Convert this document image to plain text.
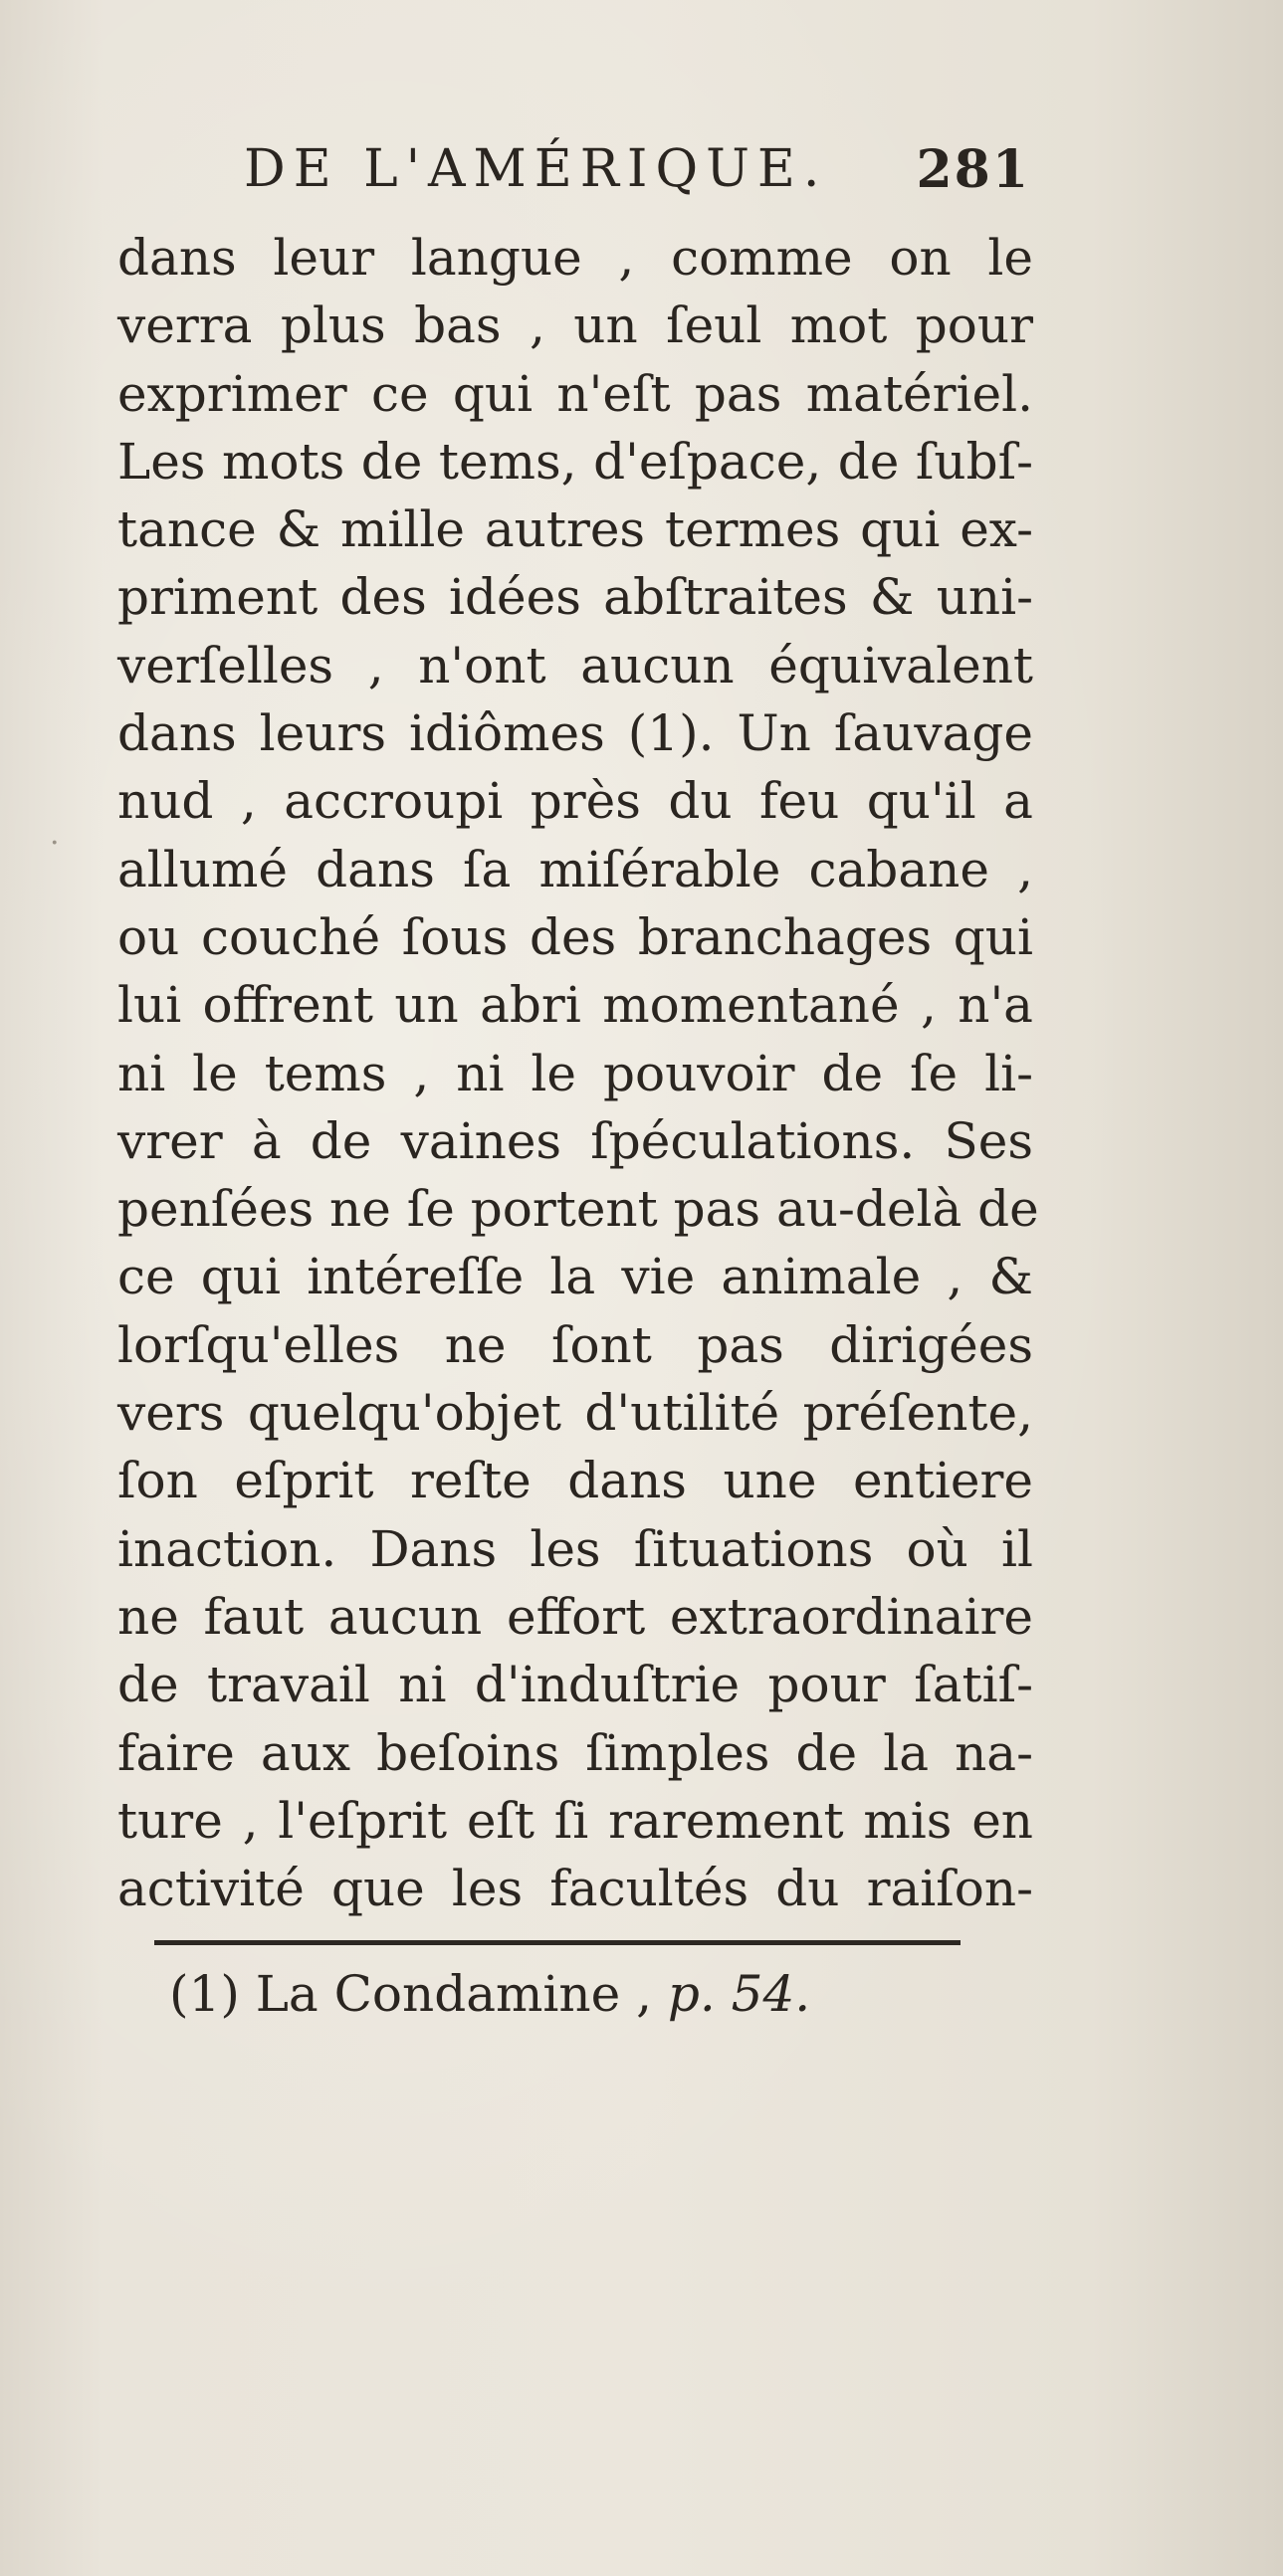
DE L'AMÉRIQUE. 281
·
dans leur langue , comme on le
verra plus bas , un ſeul mot pour
exprimer ce qui n'eſt pas matériel.
Les mots de tems, d'eſpace, de ſubſ-
tance & mille autres termes qui ex-
priment des idées abſtraites & uni-
verſelles , n'ont aucun équivalent
dans leurs idiômes (1). Un ſauvage
nud , accroupi près du feu qu'il a
allumé dans ſa miſérable cabane ,
ou couché ſous des branchages qui
lui offrent un abri momentané , n'a
ni le tems , ni le pouvoir de ſe li-
vrer à de vaines ſpéculations. Ses
penſées ne ſe portent pas au-delà de
ce qui intéreſſe la vie animale , &
lorſqu'elles ne ſont pas dirigées
vers quelqu'objet d'utilité préſente,
ſon eſprit reſte dans une entiere
inaction. Dans les ſituations où il
ne faut aucun effort extraordinaire
de travail ni d'induſtrie pour ſatiſ-
faire aux beſoins ſimples de la na-
ture , l'eſprit eſt ſi rarement mis en
activité que les facultés du raiſon-
(1) La Condamine , p. 54.
